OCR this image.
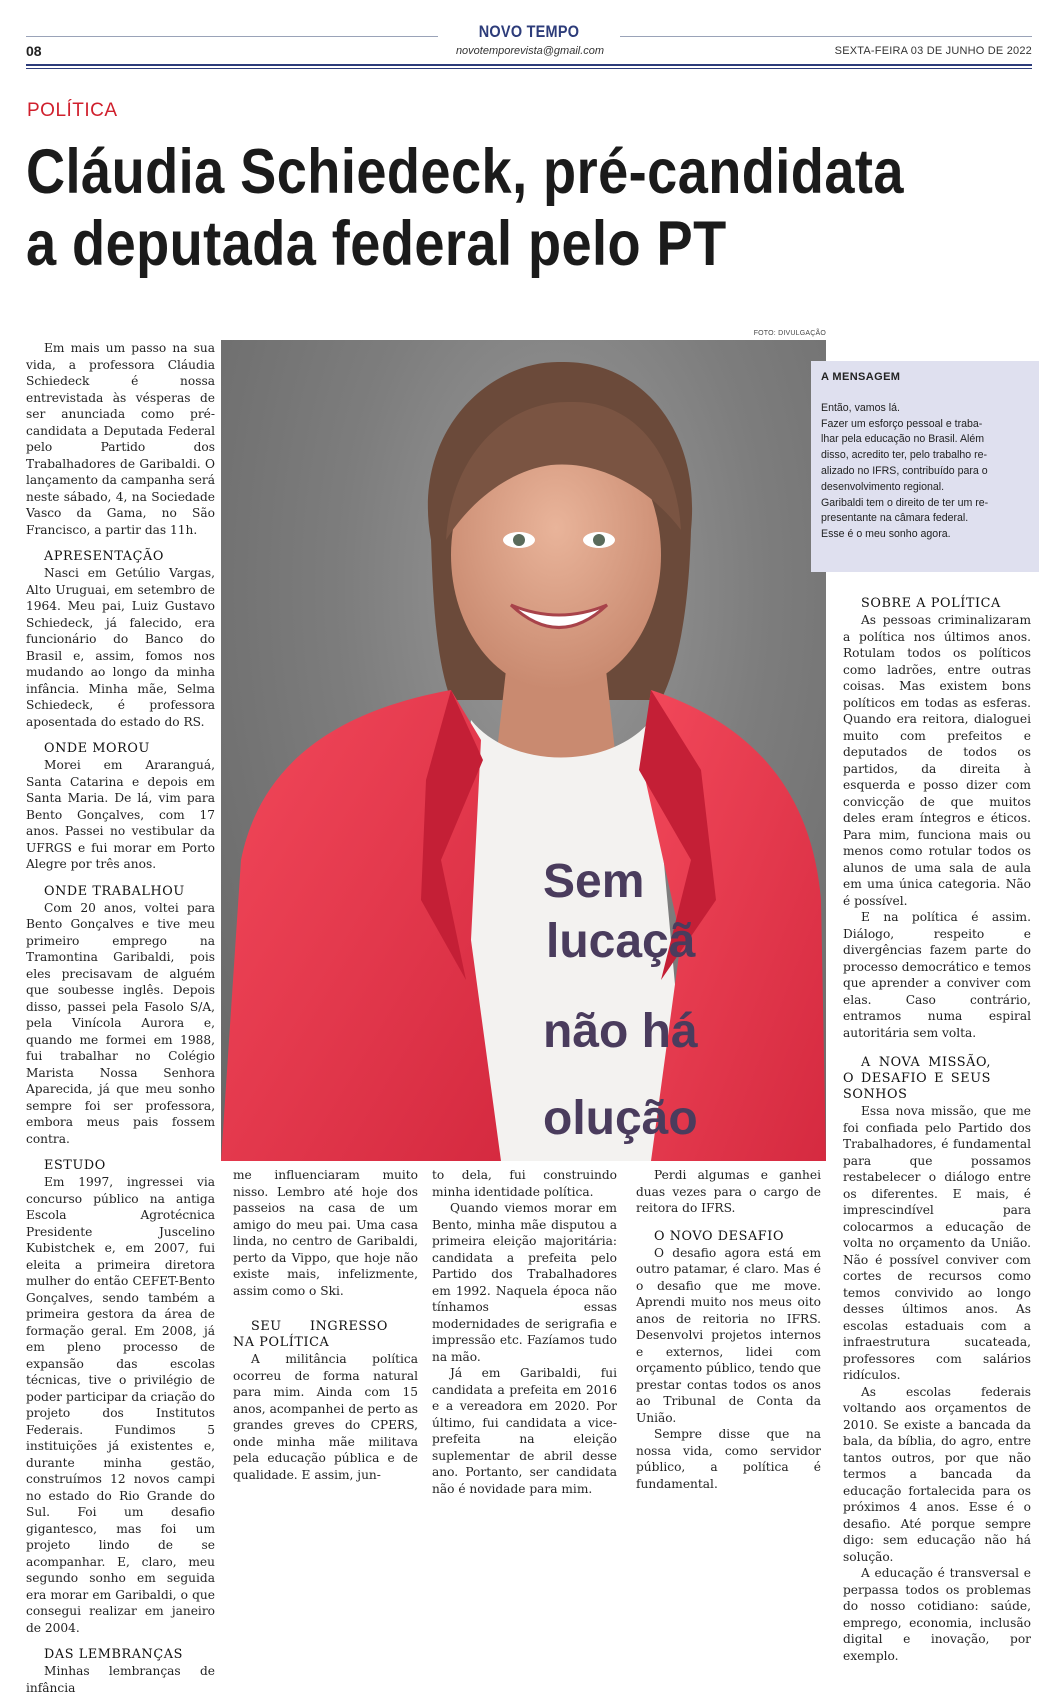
NOVO TEMPO
novotemporevista@gmail.com
08	SEXTA-FEIRA 03 DE JUNHO DE 2022
POLÍTICA
Cláudia Schiedeck, pré-candidata
a deputada federal pelo PT

Em mais um passo na sua vida, a professora Cláudia Schiedeck é nossa entrevistada às vésperas de ser anunciada como pré-candidata a Deputada Federal pelo Partido dos Trabalhadores de Garibaldi. O lançamento da campanha será neste sábado, 4, na Sociedade Vasco da Gama, no São Francisco, a partir das 11h.

APRESENTAÇÃO

Nasci em Getúlio Vargas, Alto Uruguai, em setembro de 1964. Meu pai, Luiz Gustavo Schiedeck, já falecido, era funcionário do Banco do Brasil e, assim, fomos nos mudando ao longo da minha infância. Minha mãe, Selma Schiedeck, é professora aposentada do estado do RS.

ONDE MOROU

Morei em Araranguá, Santa Catarina e depois em Santa Maria. De lá, vim para Bento Gonçalves, com 17 anos. Passei no vestibular da UFRGS e fui morar em Porto Alegre por três anos.

ONDE TRABALHOU

Com 20 anos, voltei para Bento Gonçalves e tive meu primeiro emprego na Tramontina Garibaldi, pois eles precisavam de alguém que soubesse inglês. Depois disso, passei pela Fasolo S/A, pela Vinícola Aurora e, quando me formei em 1988, fui trabalhar no Colégio Marista Nossa Senhora Aparecida, já que meu sonho sempre foi ser professora, embora meus pais fossem contra.

ESTUDO

Em 1997, ingressei via concurso público na antiga Escola Agrotécnica Presidente Juscelino Kubistchek e, em 2007, fui eleita a primeira diretora mulher do então CEFET-Bento Gonçalves, sendo também a primeira gestora da área de formação geral. Em 2008, já em pleno processo de expansão das escolas técnicas, tive o privilégio de poder participar da criação do projeto dos Institutos Federais. Fundimos 5 instituições já existentes e, durante minha gestão, construímos 12 novos campi no estado do Rio Grande do Sul. Foi um desafio gigantesco, mas foi um projeto lindo de se acompanhar. E, claro, meu segundo sonho em seguida era morar em Garibaldi, o que consegui realizar em janeiro de 2004.

DAS LEMBRANÇAS

Minhas lembranças de infância

FOTO: DIVULGAÇÃO
Sem
lucaçã
não há
olução
A MENSAGEM
Então, vamos lá.
Fazer um esforço pessoal e traba-
lhar pela educação no Brasil. Além
disso, acredito ter, pelo trabalho re-
alizado no IFRS, contribuído para o
desenvolvimento regional.
Garibaldi tem o direito de ter um re-
presentante na câmara federal.
Esse é o meu sonho agora.

me influenciaram muito nisso. Lembro até hoje dos passeios na casa de um amigo do meu pai. Uma casa linda, no centro de Garibaldi, perto da Vippo, que hoje não existe mais, infelizmente, assim como o Ski.

SEU INGRESSO NA POLÍTICA

A militância política ocorreu de forma natural para mim. Ainda com 15 anos, acompanhei de perto as grandes greves do CPERS, onde minha mãe militava pela educação pública e de qualidade. E assim, jun-

to dela, fui construindo minha identidade política.

Quando viemos morar em Bento, minha mãe disputou a primeira eleição majoritária: candidata a prefeita pelo Partido dos Trabalhadores em 1992. Naquela época não tínhamos essas modernidades de serigrafia e impressão etc. Fazíamos tudo na mão.

Já em Garibaldi, fui candidata a prefeita em 2016 e a vereadora em 2020. Por último, fui candidata a vice-prefeita na eleição suplementar de abril desse ano. Portanto, ser candidata não é novidade para mim.

Perdi algumas e ganhei duas vezes para o cargo de reitora do IFRS.

O NOVO DESAFIO

O desafio agora está em outro patamar, é claro. Mas é o desafio que me move. Aprendi muito nos meus oito anos de reitoria no IFRS. Desenvolvi projetos internos e externos, lidei com orçamento público, tendo que prestar contas todos os anos ao Tribunal de Conta da União.

Sempre disse que na nossa vida, como servidor público, a política é fundamental.

SOBRE A POLÍTICA

As pessoas criminalizaram a política nos últimos anos. Rotulam todos os políticos como ladrões, entre outras coisas. Mas existem bons políticos em todas as esferas. Quando era reitora, dialoguei muito com prefeitos e deputados de todos os partidos, da direita à esquerda e posso dizer com convicção de que muitos deles eram íntegros e éticos. Para mim, funciona mais ou menos como rotular todos os alunos de uma sala de aula em uma única categoria. Não é possível.

E na política é assim. Diálogo, respeito e divergências fazem parte do processo democrático e temos que aprender a conviver com elas. Caso contrário, entramos numa espiral autoritária sem volta.

A NOVA MISSÃO, O DESAFIO E SEUS SONHOS

Essa nova missão, que me foi confiada pelo Partido dos Trabalhadores, é fundamental para que possamos restabelecer o diálogo entre os diferentes. E mais, é imprescindível para colocarmos a educação de volta no orçamento da União. Não é possível conviver com cortes de recursos como temos convivido ao longo desses últimos anos. As escolas estaduais com a infraestrutura sucateada, professores com salários ridículos.

As escolas federais voltando aos orçamentos de 2010. Se existe a bancada da bala, da bíblia, do agro, entre tantos outros, por que não termos a bancada da educação fortalecida para os próximos 4 anos. Esse é o desafio. Até porque sempre digo: sem educação não há solução.

A educação é transversal e perpassa todos os problemas do nosso cotidiano: saúde, emprego, economia, inclusão digital e inovação, por exemplo.
